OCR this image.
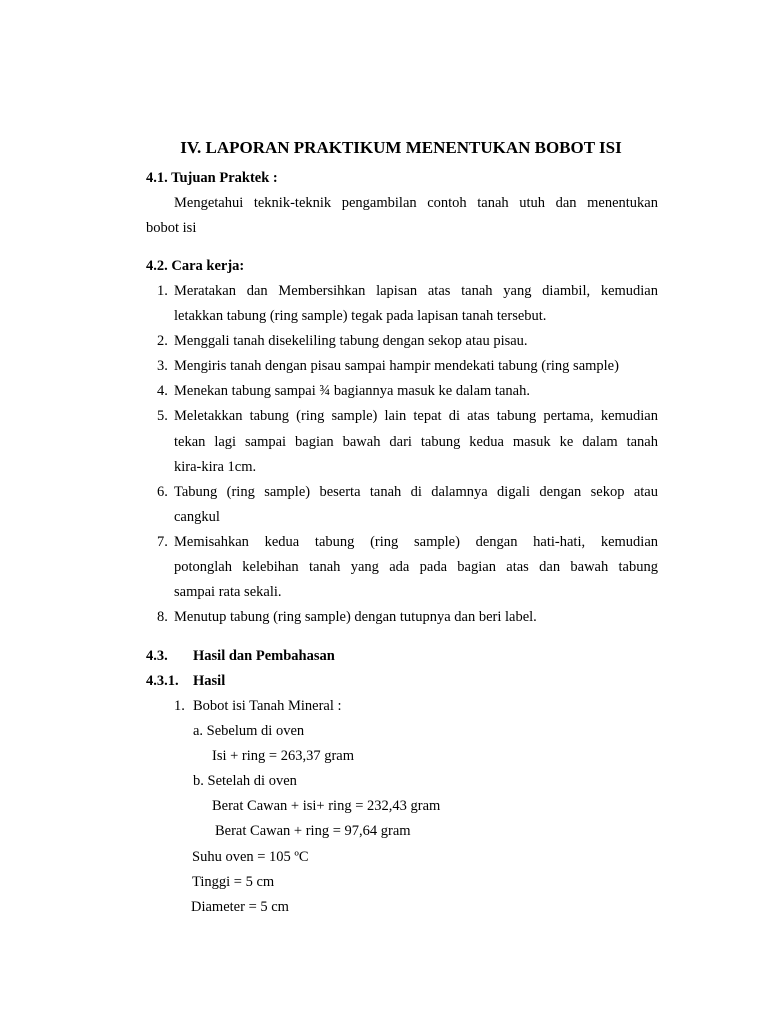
IV. LAPORAN PRAKTIKUM MENENTUKAN BOBOT ISI
4.1. Tujuan Praktek :
Mengetahui teknik-teknik pengambilan contoh tanah utuh dan menentukan
bobot isi
4.2. Cara kerja:
1. Meratakan dan Membersihkan lapisan atas tanah yang diambil, kemudian
letakkan tabung (ring sample) tegak pada lapisan tanah tersebut.
2. Menggali tanah disekeliling tabung dengan sekop atau pisau.
3. Mengiris tanah dengan pisau sampai hampir mendekati tabung (ring sample)
4. Menekan tabung sampai ¾ bagiannya masuk ke dalam tanah.
5. Meletakkan tabung (ring sample) lain tepat di atas tabung pertama, kemudian
tekan lagi sampai bagian bawah dari tabung kedua masuk ke dalam tanah
kira-kira 1cm.
6. Tabung (ring sample) beserta tanah di dalamnya digali dengan sekop atau
cangkul
7. Memisahkan kedua tabung (ring sample) dengan hati-hati, kemudian
potonglah kelebihan tanah yang ada pada bagian atas dan bawah tabung
sampai rata sekali.
8. Menutup tabung (ring sample) dengan tutupnya dan beri label.
4.3. Hasil dan Pembahasan
4.3.1. Hasil
1. Bobot isi Tanah Mineral :
a. Sebelum di oven
Isi + ring = 263,37 gram
b. Setelah di oven
Berat Cawan + isi+ ring = 232,43 gram
Berat Cawan + ring = 97,64 gram
Suhu oven = 105 ºC
Tinggi = 5 cm
Diameter = 5 cm
